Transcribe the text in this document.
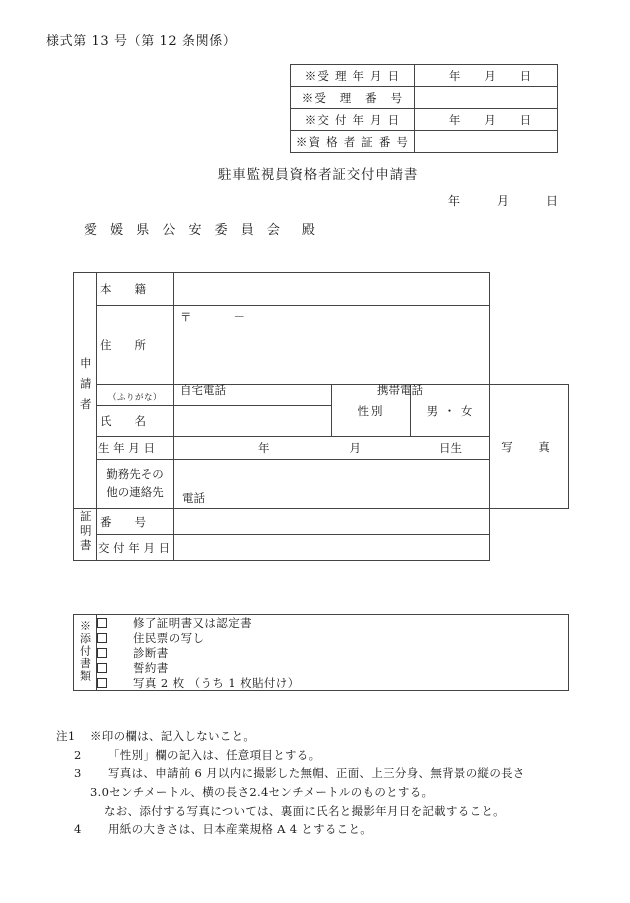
様式第 13 号（第 12 条関係）
※受 理 年 月 日	年 月 日

※受　理　番　号	
※交 付 年 月 日	年 月 日

※資 格 者 証 番 号	
駐車監視員資格者証交付申請書
年	月	日
愛 媛 県 公 安 委 員 会　殿
申請者	本　　籍				

	住　　所	〒 －
自宅電話 携帯電話			

	（ふりがな）		性別	男 ・ 女	写　真

	氏　　名				

	生 年 月 日	年 月 日生			

	勤務先その
他の連絡先	電話			

証明書	番　　号				

	交 付 年 月 日				

※添付書類	修了証明書又は認定書
住民票の写し
診断書
誓約書
写真 2 枚 （うち 1 枚貼付け）
注1	※印の欄は、記入しないこと。
2	「性別」欄の記入は、任意項目とする。
3	写真は、申請前 6 月以内に撮影した無帽、正面、上三分身、無背景の縦の長さ
3.0センチメートル、横の長さ2.4センチメートルのものとする。
なお、添付する写真については、裏面に氏名と撮影年月日を記載すること。
4	用紙の大きさは、日本産業規格 A 4 とすること。
